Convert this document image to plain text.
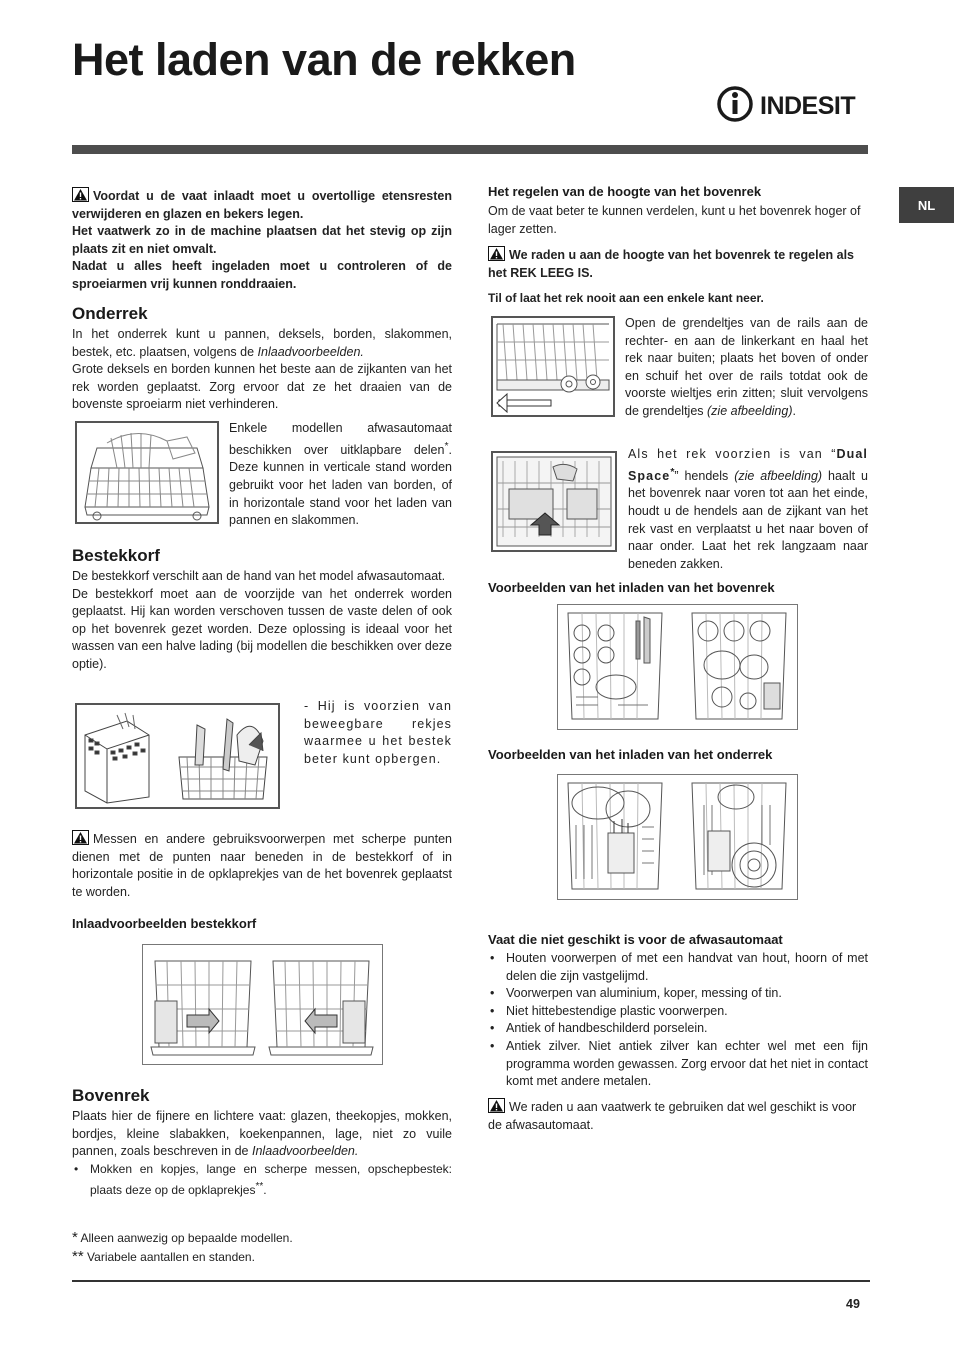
Het laden van de rekken
INDESIT
NL

Voordat u de vaat inlaadt moet u overtollige etensresten verwijderen en glazen en bekers legen.

Het vaatwerk zo in de machine plaatsen dat het stevig op zijn plaats zit en niet omvalt.

Nadat u alles heeft ingeladen moet u controleren of de sproeiarmen vrij kunnen ronddraaien.

Onderrek

In het onderrek kunt u pannen, deksels, borden, slakommen, bestek, etc. plaatsen, volgens de Inlaadvoorbeelden.

Grote deksels en borden kunnen het beste aan de zijkanten van het rek worden geplaatst. Zorg ervoor dat ze het draaien van de bovenste sproeiarm niet verhinderen.

Enkele modellen afwasautomaat beschikken over uitklapbare delen*. Deze kunnen in verticale stand worden gebruikt voor het laden van borden, of in horizontale stand voor het laden van pannen en slakommen.

Bestekkorf

De bestekkorf verschilt aan de hand van het model afwasautomaat.

De bestekkorf moet aan de voorzijde van het onderrek worden geplaatst. Hij kan worden verschoven tussen de vaste delen of ook op het bovenrek gezet worden. Deze oplossing is ideaal voor het wassen van een halve lading (bij modellen die beschikken over deze optie).

- Hij is voorzien van beweegbare rekjes waarmee u het bestek beter kunt opbergen.

Messen en andere gebruiksvoorwerpen met scherpe punten dienen met de punten naar beneden in de bestekkorf of in horizontale positie in de opklaprekjes van de het bovenrek geplaatst te worden.

Inlaadvoorbeelden bestekkorf
Bovenrek

Plaats hier de fijnere en lichtere vaat: glazen, theekopjes, mokken, bordjes, kleine slabakken, koekenpannen, lage, niet zo vuile pannen, zoals beschreven in de Inlaadvoorbeelden.

• Mokken en kopjes, lange en scherpe messen, opschepbestek: plaats deze op de opklaprekjes**.
* Alleen aanwezig op bepaalde modellen.
** Variabele aantallen en standen.
Het regelen van de hoogte van het bovenrek
Om de vaat beter te kunnen verdelen, kunt u het bovenrek hoger of lager zetten.

We raden u aan de hoogte van het bovenrek te regelen als het REK LEEG IS.

Til of laat het rek nooit aan een enkele kant neer.

Open de grendeltjes van de rails aan de rechter- en aan de linkerkant en haal het rek naar buiten; plaats het boven of onder en schuif het over de rails totdat ook de voorste wieltjes erin zitten; sluit vervolgens de grendeltjes (zie afbeelding).

Als het rek voorzien is van “Dual Space*” hendels (zie afbeelding) haalt u het bovenrek naar voren tot aan het einde, houdt u de hendels aan de zijkant van het rek vast en verplaatst u het naar boven of naar onder. Laat het rek langzaam naar beneden zakken.

Voorbeelden van het inladen van het bovenrek
Voorbeelden van het inladen van het onderrek
Vaat die niet geschikt is voor de afwasautomaat
• Houten voorwerpen of met een handvat van hout, hoorn of met delen die zijn vastgelijmd.
• Voorwerpen van aluminium, koper, messing of tin.
• Niet hittebestendige plastic voorwerpen.
• Antiek of handbeschilderd porselein.
• Antiek zilver. Niet antiek zilver kan echter wel met een fijn programma worden gewassen. Zorg ervoor dat het niet in contact komt met andere metalen.

We raden u aan vaatwerk te gebruiken dat wel geschikt is voor de afwasautomaat.

49
